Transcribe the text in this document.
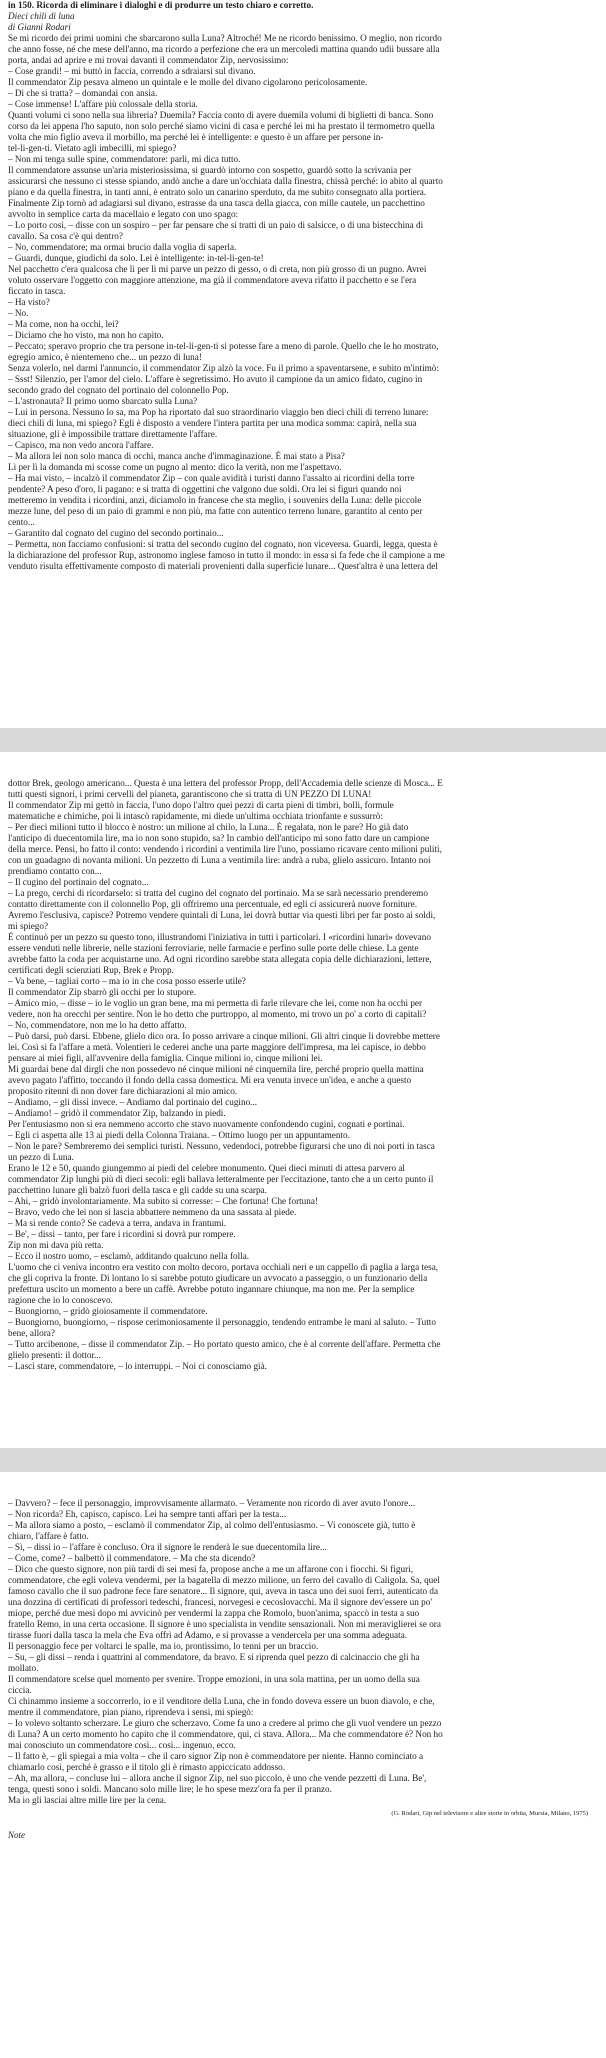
in 150. Ricorda di eliminare i dialoghi e di produrre un testo chiaro e corretto.
Dieci chili di luna
di Gianni Rodari
Se mi ricordo dei primi uomini che sbarcarono sulla Luna? Altroché! Me ne ricordo benissimo. O meglio, non ricordo
che anno fosse, né che mese dell'anno, ma ricordo a perfezione che era un mercoledì mattina quando udii bussare alla
porta, andai ad aprire e mi trovai davanti il commendator Zip, nervosissimo:
– Cose grandi! – mi buttò in faccia, correndo a sdraiarsi sul divano.
Il commendator Zip pesava almeno un quintale e le molle del divano cigolarono pericolosamente.
– Di che si tratta? – domandai con ansia.
– Cose immense! L'affare più colossale della storia.
Quanti volumi ci sono nella sua libreria? Duemila? Faccia conto di avere duemila volumi di biglietti di banca. Sono
corso da lei appena l'ho saputo, non solo perché siamo vicini di casa e perché lei mi ha prestato il termometro quella
volta che mio figlio aveva il morbillo, ma perché lei è intelligente: e questo è un affare per persone in-
tel-li-gen-ti. Vietato agli imbecilli, mi spiego?
– Non mi tenga sulle spine, commendatore: parli, mi dica tutto.
Il commendatore assunse un'aria misteriosissima, si guardò intorno con sospetto, guardò sotto la scrivania per
assicurarsi che nessuno ci stesse spiando, andò anche a dare un'occhiata dalla finestra, chissà perché: io abito al quarto
piano e da quella finestra, in tanti anni, è entrato solo un canarino sperduto, da me subito consegnato alla portiera.
Finalmente Zip tornò ad adagiarsi sul divano, estrasse da una tasca della giacca, con mille cautele, un pacchettino
avvolto in semplice carta da macellaio e legato con uno spago:
– Lo porto così, – disse con un sospiro – per far pensare che si tratti di un paio di salsicce, o di una bistecchina di
cavallo. Sa cosa c'è qui dentro?
– No, commendatore; ma ormai brucio dalla voglia di saperla.
– Guardi, dunque, giudichi da solo. Lei è intelligente: in-tel-li-gen-te!
Nel pacchetto c'era qualcosa che lì per lì mi parve un pezzo di gesso, o di creta, non più grosso di un pugno. Avrei
voluto osservare l'oggetto con maggiore attenzione, ma già il commendatore aveva rifatto il pacchetto e se l'era
ficcato in tasca.
– Ha visto?
– No.
– Ma come, non ha occhi, lei?
– Diciamo che ho visto, ma non ho capito.
– Peccato; speravo proprio che tra persone in-tel-li-gen-ti si potesse fare a meno di parole. Quello che le ho mostrato,
egregio amico, è nientemeno che... un pezzo di luna!
Senza volerlo, nel darmi l'annuncio, il commendator Zip alzò la voce. Fu il primo a spaventarsene, e subito m'intimò:
– Ssst! Silenzio, per l'amor del cielo. L'affare è segretissimo. Ho avuto il campione da un amico fidato, cugino in
secondo grado del cognato del portinaio del colonnello Pop.
– L'astronauta? Il primo uomo sbarcato sulla Luna?
– Lui in persona. Nessuno lo sa, ma Pop ha riportato dal suo straordinario viaggio ben dieci chili di terreno lunare:
dieci chili di luna, mi spiego? Egli è disposto a vendere l'intera partita per una modica somma: capirà, nella sua
situazione, gli è impossibile trattare direttamente l'affare.
– Capisco, ma non vedo ancora l'affare.
– Ma allora lei non solo manca di occhi, manca anche d'immaginazione. È mai stato a Pisa?
Lì per lì la domanda mi scosse come un pugno al mento: dico la verità, non me l'aspettavo.
– Ha mai visto, – incalzò il commendator Zip – con quale avidità i turisti danno l'assalto ai ricordini della torre
pendente? A peso d'oro, li pagano: e si tratta di oggettini che valgono due soldi. Ora lei si figuri quando noi
metteremo in vendita i ricordini, anzi, diciamolo in francese che sta meglio, i souvenirs della Luna: delle piccole
mezze lune, del peso di un paio di grammi e non più, ma fatte con autentico terreno lunare, garantito al cento per
cento...
– Garantito dal cognato del cugino del secondo portinaio...
– Permetta, non facciamo confusioni: si tratta del secondo cugino del cognato, non viceversa. Guardi, legga, questa è
la dichiarazione del professor Rup, astronomo inglese famoso in tutto il mondo: in essa si fa fede che il campione a me
venduto risulta effettivamente composto di materiali provenienti dalla superficie lunare... Quest'altra è una lettera del
dottor Brek, geologo americano... Questa è una lettera del professor Propp, dell'Accademia delle scienze di Mosca... E
tutti questi signori, i primi cervelli del pianeta, garantiscono che si tratta di UN PEZZO DI LUNA!
Il commendator Zip mi gettò in faccia, l'uno dopo l'altro quei pezzi di carta pieni di timbri, bolli, formule
matematiche e chimiche, poi li intascò rapidamente, mi diede un'ultima occhiata trionfante e sussurrò:
– Per dieci milioni tutto il blocco è nostro: un milione al chilo, la Luna... È regalata, non le pare? Ho già dato
l'anticipo di duecentomila lire, ma io non sono stupido, sa? In cambio dell'anticipo mi sono fatto dare un campione
della merce. Pensi, ho fatto il conto: vendendo i ricordini a ventimila lire l'uno, possiamo ricavare cento milioni puliti,
con un guadagno di novanta milioni. Un pezzetto di Luna a ventimila lire: andrà a ruba, glielo assicuro. Intanto noi
prendiamo contatto con...
– Il cugino del portinaio del cognato...
– La prego, cerchi di ricordarselo: si tratta del cugino del cognato del portinaio. Ma se sarà necessario prenderemo
contatto direttamente con il colonnello Pop, gli offriremo una percentuale, ed egli ci assicurerà nuove forniture.
Avremo l'esclusiva, capisce? Potremo vendere quintali di Luna, lei dovrà buttar via questi libri per far posto ai soldi,
mi spiego?
È continuò per un pezzo su questo tono, illustrandomi l'iniziativa in tutti i particolari. I «ricordini lunari» dovevano
essere venduti nelle librerie, nelle stazioni ferroviarie, nelle farmacie e perfino sulle porte delle chiese. La gente
avrebbe fatto la coda per acquistarne uno. Ad ogni ricordino sarebbe stata allegata copia delle dichiarazioni, lettere,
certificati degli scienziati Rup, Brek e Propp.
– Va bene, – tagliai corto – ma io in che cosa posso esserle utile?
Il commendator Zip sbarrò gli occhi per lo stupore.
– Amico mio, – disse – io le voglio un gran bene, ma mi permetta di farle rilevare che lei, come non ha occhi per
vedere, non ha orecchi per sentire. Non le ho detto che purtroppo, al momento, mi trovo un po' a corto di capitali?
– No, commendatore, non me lo ha detto affatto.
– Può darsi, può darsi. Ebbene, glielo dico ora. Io posso arrivare a cinque milioni. Gli altri cinque li dovrebbe mettere
lei. Così si fa l'affare a metà. Volentieri le cederei anche una parte maggiore dell'impresa, ma lei capisce, io debbo
pensare ai miei figli, all'avvenire della famiglia. Cinque milioni io, cinque milioni lei.
Mi guardai bene dal dirgli che non possedevo né cinque milioni né cinquemila lire, perché proprio quella mattina
avevo pagato l'affitto, toccando il fondo della cassa domestica. Mi era venuta invece un'idea, e anche a questo
proposito ritenni di non dover fare dichiarazioni al mio amico.
– Andiamo, – gli dissi invece. – Andiamo dal portinaio del cugino...
– Andiamo! – gridò il commendator Zip, balzando in piedi.
Per l'entusiasmo non si era nemmeno accorto che stavo nuovamente confondendo cugini, cognati e portinai.
– Egli ci aspetta alle 13 ai piedi della Colonna Traiana. – Ottimo luogo per un appuntamento.
– Non le pare? Sembreremo dei semplici turisti. Nessuno, vedendoci, potrebbe figurarsi che uno di noi porti in tasca
un pezzo di Luna.
Erano le 12 e 50, quando giungemmo ai piedi del celebre monumento. Quei dieci minuti di attesa parvero al
commendator Zip lunghi più di dieci secoli: egli ballava letteralmente per l'eccitazione, tanto che a un certo punto il
pacchettino lunare gli balzò fuori della tasca e gli cadde su una scarpa.
– Ahi, – gridò involontariamente. Ma subito si corresse: – Che fortuna! Che fortuna!
– Bravo, vedo che lei non si lascia abbattere nemmeno da una sassata al piede.
– Ma si rende conto? Se cadeva a terra, andava in frantumi.
– Be', – dissi – tanto, per fare i ricordini si dovrà pur rompere.
Zip non mi dava più retta.
– Ecco il nostro uomo, – esclamò, additando qualcuno nella folla.
L'uomo che ci veniva incontro era vestito con molto decoro, portava occhiali neri e un cappello di paglia a larga tesa,
che gli copriva la fronte. Di lontano lo si sarebbe potuto giudicare un avvocato a passeggio, o un funzionario della
prefettura uscito un momento a bere un caffè. Avrebbe potuto ingannare chiunque, ma non me. Per la semplice
ragione che io lo conoscevo.
– Buongiorno, – gridò gioiosamente il commendatore.
– Buongiorno, buongiorno, – rispose cerimoniosamente il personaggio, tendendo entrambe le mani al saluto. – Tutto
bene, allora?
– Tutto arcibenone, – disse il commendator Zip. – Ho portato questo amico, che è al corrente dell'affare. Permetta che
glielo presenti: il dottor...
– Lasci stare, commendatore, – lo interruppi. – Noi ci conosciamo già.
– Davvero? – fece il personaggio, improvvisamente allarmato. – Veramente non ricordo di aver avuto l'onore...
– Non ricorda? Eh, capisco, capisco. Lei ha sempre tanti affari per la testa...
– Ma allora siamo a posto, – esclamò il commendator Zip, al colmo dell'entusiasmo. – Vi conoscete già, tutto è
chiaro, l'affare è fatto.
– Sì, – dissi io – l'affare è concluso. Ora il signore le renderà le sue duecentomila lire...
– Come, come? – balbettò il commendatore. – Ma che sta dicendo?
– Dico che questo signore, non più tardi di sei mesi fa, propose anche a me un affarone con i fiocchi. Si figuri,
commendatore, che egli voleva vendermi, per la bagatella di mezzo milione, un ferro del cavallo di Caligola. Sa, quel
famoso cavallo che il suo padrone fece fare senatore... Il signore, qui, aveva in tasca uno dei suoi ferri, autenticato da
una dozzina di certificati di professori tedeschi, francesi, norvegesi e cecoslovacchi. Ma il signore dev'essere un po'
miope, perché due mesi dopo mi avvicinò per vendermi la zappa che Romolo, buon'anima, spaccò in testa a suo
fratello Remo, in una certa occasione. Il signore è uno specialista in vendite sensazionali. Non mi meraviglierei se ora
tirasse fuori dalla tasca la mela che Eva offrì ad Adamo, e si provasse a vendercela per una somma adeguata.
Il personaggio fece per voltarci le spalle, ma io, prontissimo, lo tenni per un braccio.
– Su, – gli dissi – renda i quattrini al commendatore, da bravo. E si riprenda quel pezzo di calcinaccio che gli ha
mollato.
Il commendatore scelse quel momento per svenire. Troppe emozioni, in una sola mattina, per un uomo della sua
ciccia.
Ci chinammo insieme a soccorrerlo, io e il venditore della Luna, che in fondo doveva essere un buon diavolo, e che,
mentre il commendatore, pian piano, riprendeva i sensi, mi spiegò:
– Io volevo soltanto scherzare. Le giuro che scherzavo. Come fa uno a credere al primo che gli vuol vendere un pezzo
di Luna? A un certo momento ho capito che il commendatore, qui, ci stava. Allora... Ma che commendatore è? Non ho
mai conosciuto un commendatore così... così... ingenuo, ecco.
– Il fatto è, – gli spiegai a mia volta – che il caro signor Zip non è commendatore per niente. Hanno cominciato a
chiamarlo così, perché è grasso e il titolo gli è rimasto appiccicato addosso.
– Ah, ma allora, – concluse lui – allora anche il signor Zip, nel suo piccolo, è uno che vende pezzetti di Luna. Be',
tenga, questi sono i soldi. Mancano solo mille lire; le ho spese mezz'ora fa per il pranzo.
Ma io gli lasciai altre mille lire per la cena.
(G. Rodari, Gip nel televisore e altre storie in orbita, Mursia, Milano, 1975)
Note
